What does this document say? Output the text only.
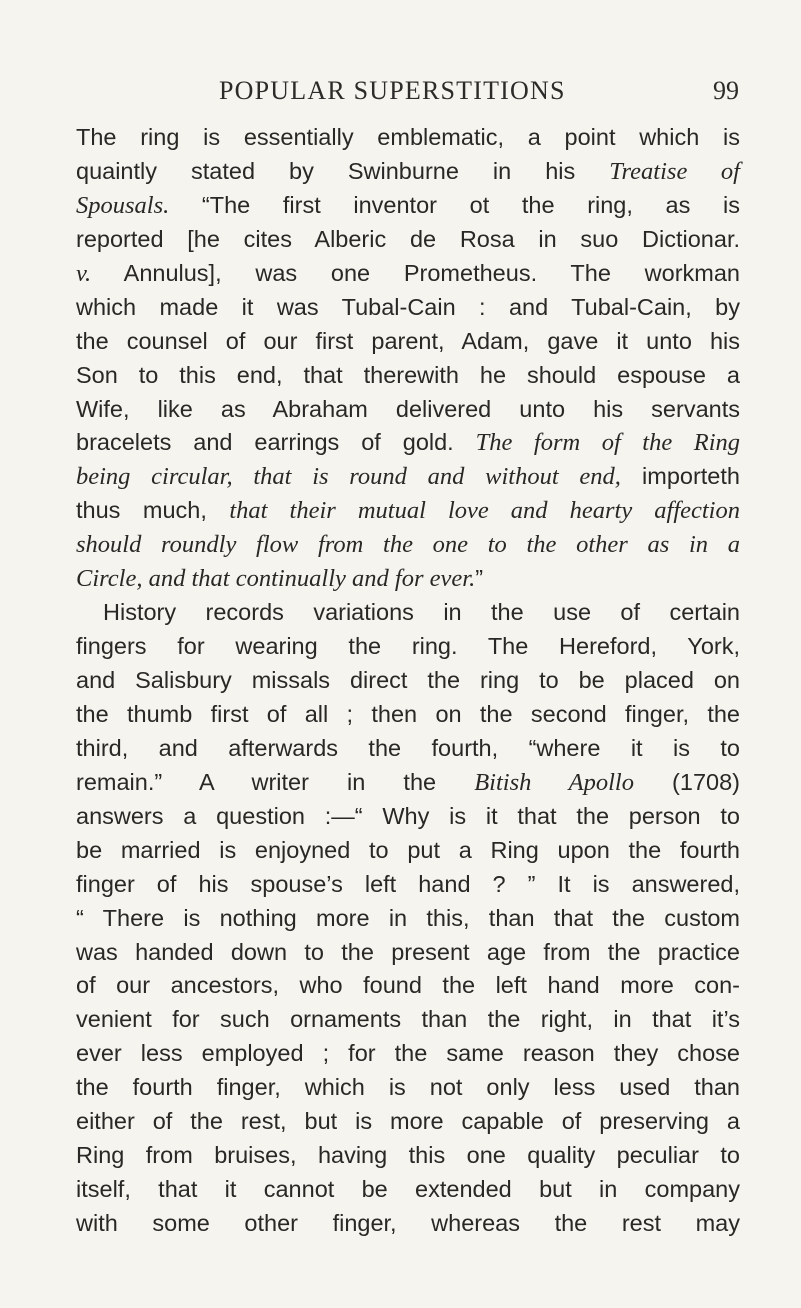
POPULAR SUPERSTITIONS	99
The ring is essentially emblematic, a point which is
quaintly stated by Swinburne in his Treatise of
Spousals. “The first inventor ot the ring, as is
reported [he cites Alberic de Rosa in suo Dictionar.
v. Annulus], was one Prometheus. The workman
which made it was Tubal-Cain : and Tubal-Cain, by
the counsel of our first parent, Adam, gave it unto his
Son to this end, that therewith he should espouse a
Wife, like as Abraham delivered unto his servants
bracelets and earrings of gold. The form of the Ring
being circular, that is round and without end, importeth
thus much, that their mutual love and hearty affection
should roundly flow from the one to the other as in a
Circle, and that continually and for ever.”
History records variations in the use of certain
fingers for wearing the ring. The Hereford, York,
and Salisbury missals direct the ring to be placed on
the thumb first of all ; then on the second finger, the
third, and afterwards the fourth, “where it is to
remain.” A writer in the Bitish Apollo (1708)
answers a question :—“ Why is it that the person to
be married is enjoyned to put a Ring upon the fourth
finger of his spouse’s left hand ? ” It is answered,
“ There is nothing more in this, than that the custom
was handed down to the present age from the practice
of our ancestors, who found the left hand more con-
venient for such ornaments than the right, in that it’s
ever less employed ; for the same reason they chose
the fourth finger, which is not only less used than
either of the rest, but is more capable of preserving a
Ring from bruises, having this one quality peculiar to
itself, that it cannot be extended but in company
with some other finger, whereas the rest may
